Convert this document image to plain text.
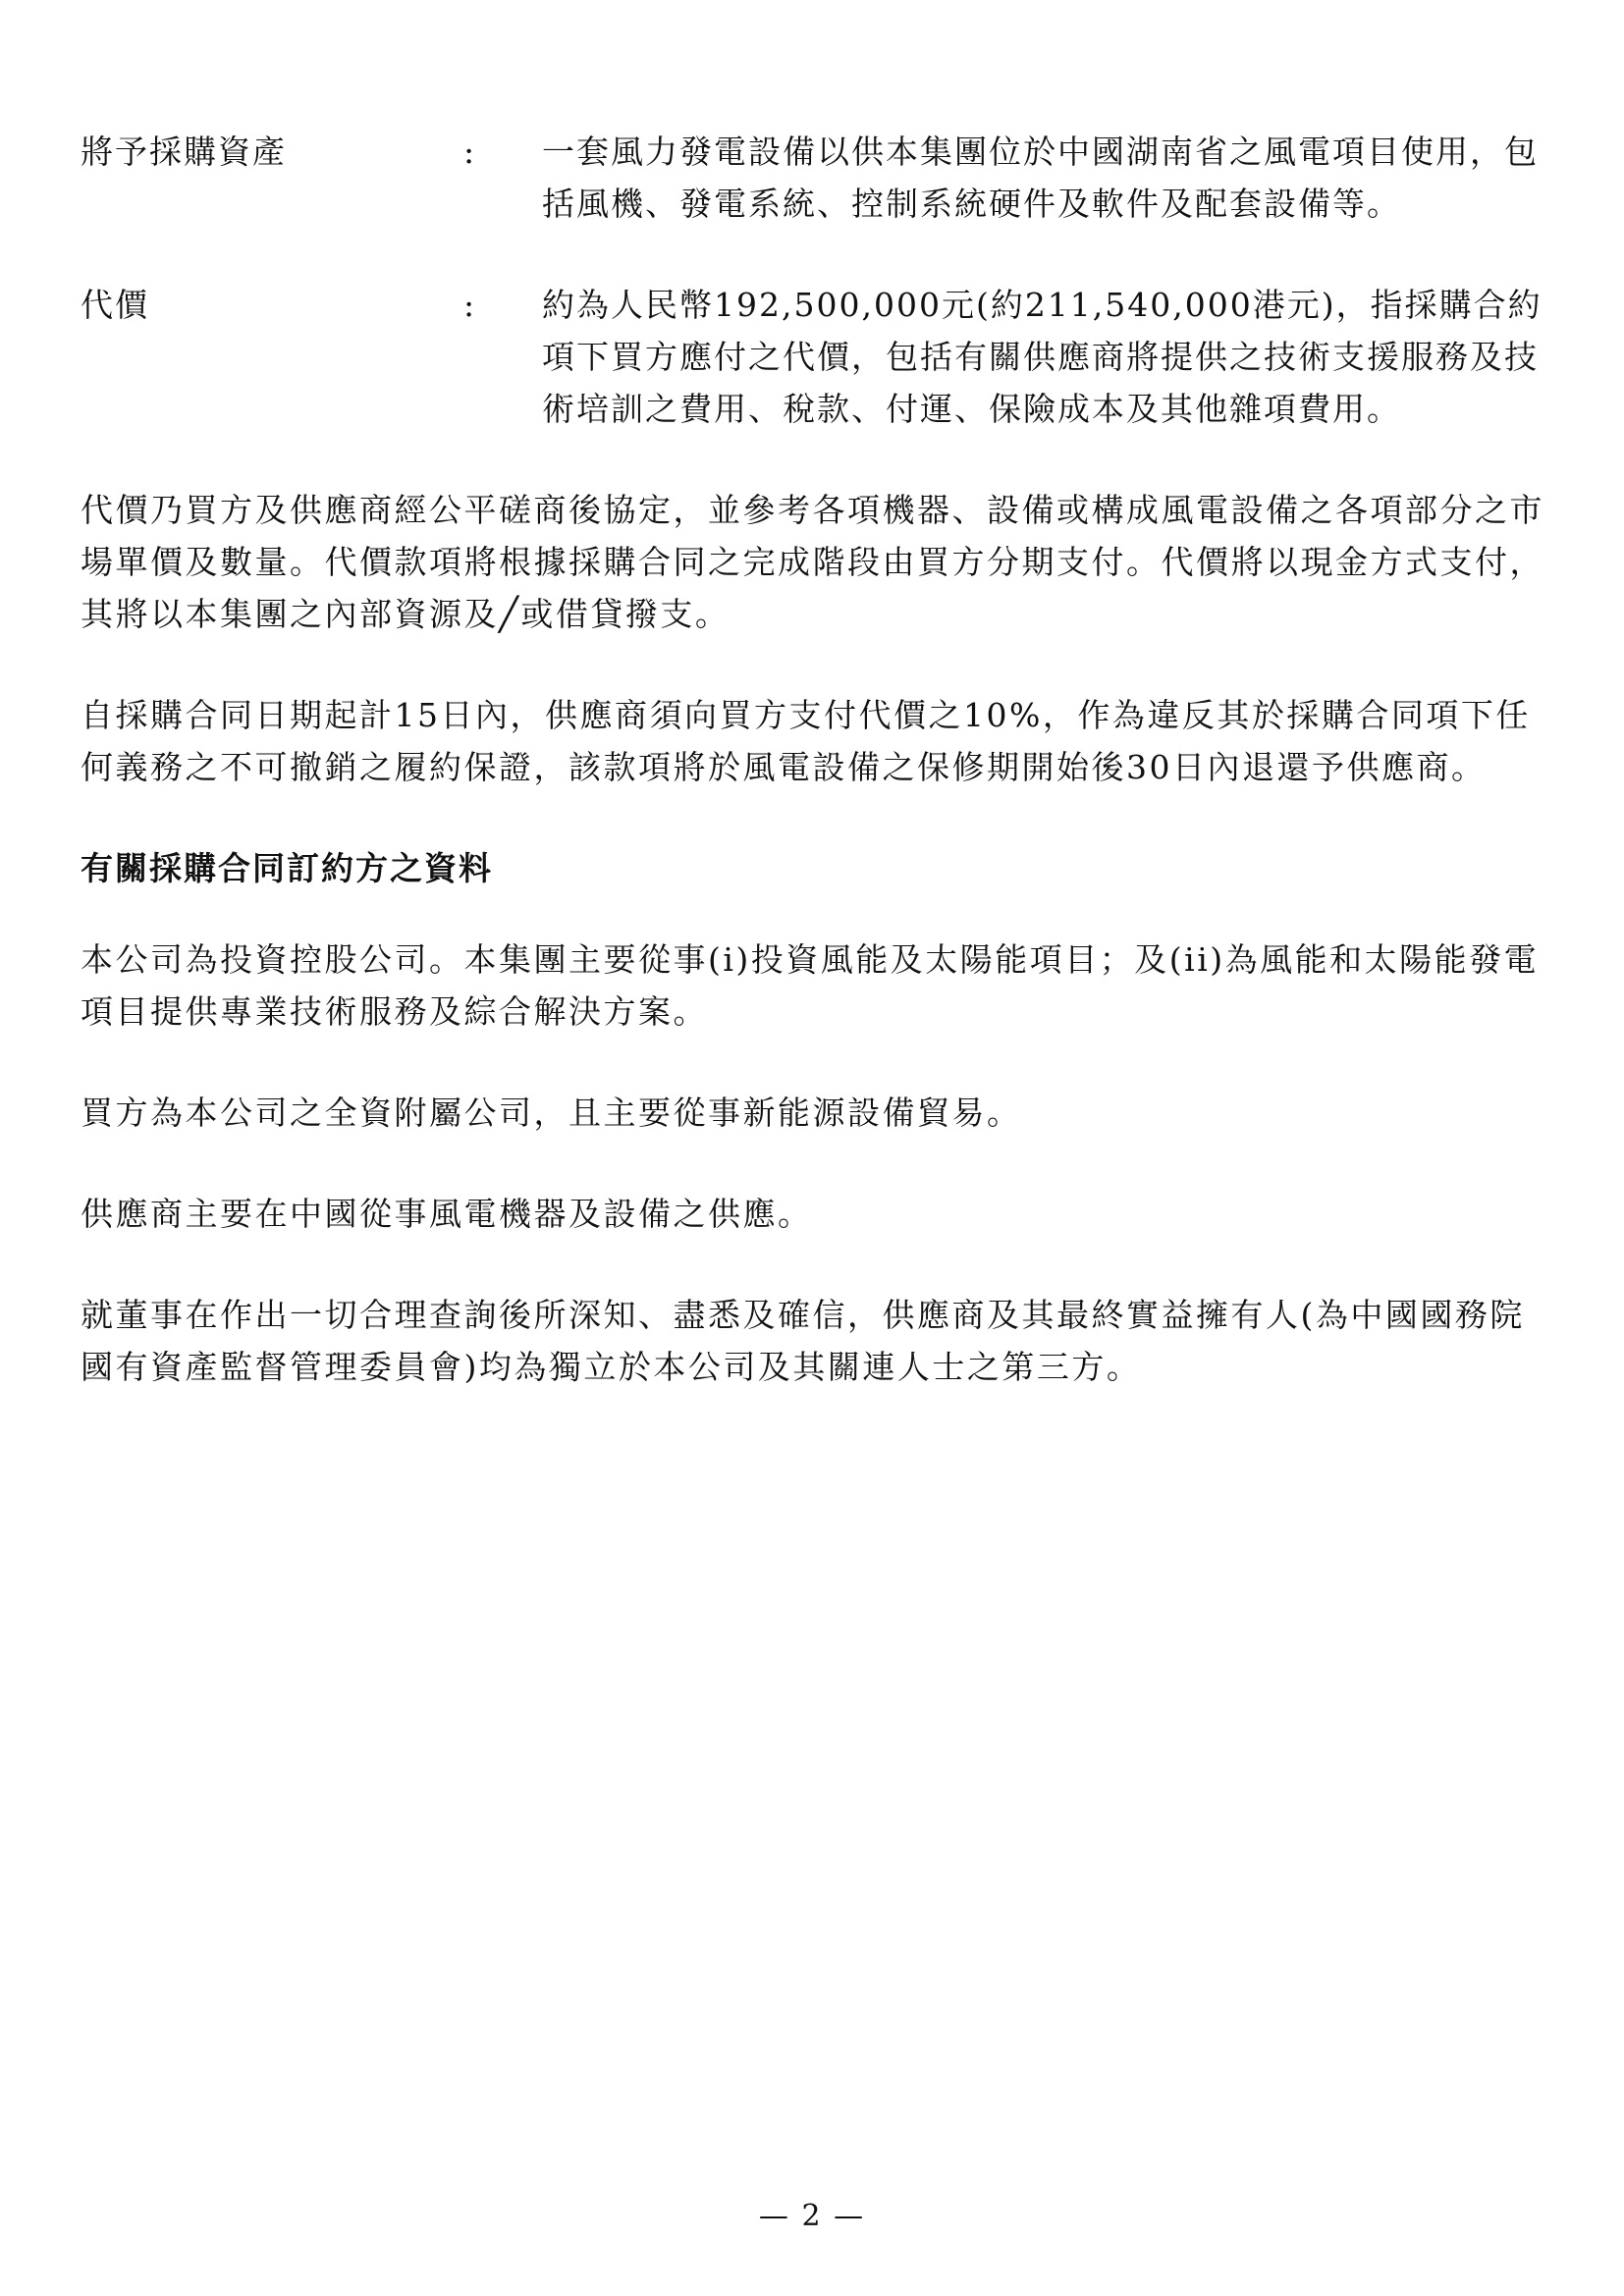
將予採購資產	:	一套風力發電設備以供本集團位於中國湖南省之風電項目使用，包括風機、發電系統、控制系統硬件及軟件及配套設備等。
代價	:	約為人民幣192,500,000元(約211,540,000港元)，指採購合約項下買方應付之代價，包括有關供應商將提供之技術支援服務及技術培訓之費用、稅款、付運、保險成本及其他雜項費用。

代價乃買方及供應商經公平磋商後協定，並參考各項機器、設備或構成風電設備之各項部分之市場單價及數量。代價款項將根據採購合同之完成階段由買方分期支付。代價將以現金方式支付，其將以本集團之內部資源及╱或借貸撥支。

自採購合同日期起計15日內，供應商須向買方支付代價之10%，作為違反其於採購合同項下任何義務之不可撤銷之履約保證，該款項將於風電設備之保修期開始後30日內退還予供應商。

有關採購合同訂約方之資料

本公司為投資控股公司。本集團主要從事(i)投資風能及太陽能項目；及(ii)為風能和太陽能發電項目提供專業技術服務及綜合解決方案。

買方為本公司之全資附屬公司，且主要從事新能源設備貿易。

供應商主要在中國從事風電機器及設備之供應。

就董事在作出一切合理查詢後所深知、盡悉及確信，供應商及其最終實益擁有人(為中國國務院國有資產監督管理委員會)均為獨立於本公司及其關連人士之第三方。

— 2 —
